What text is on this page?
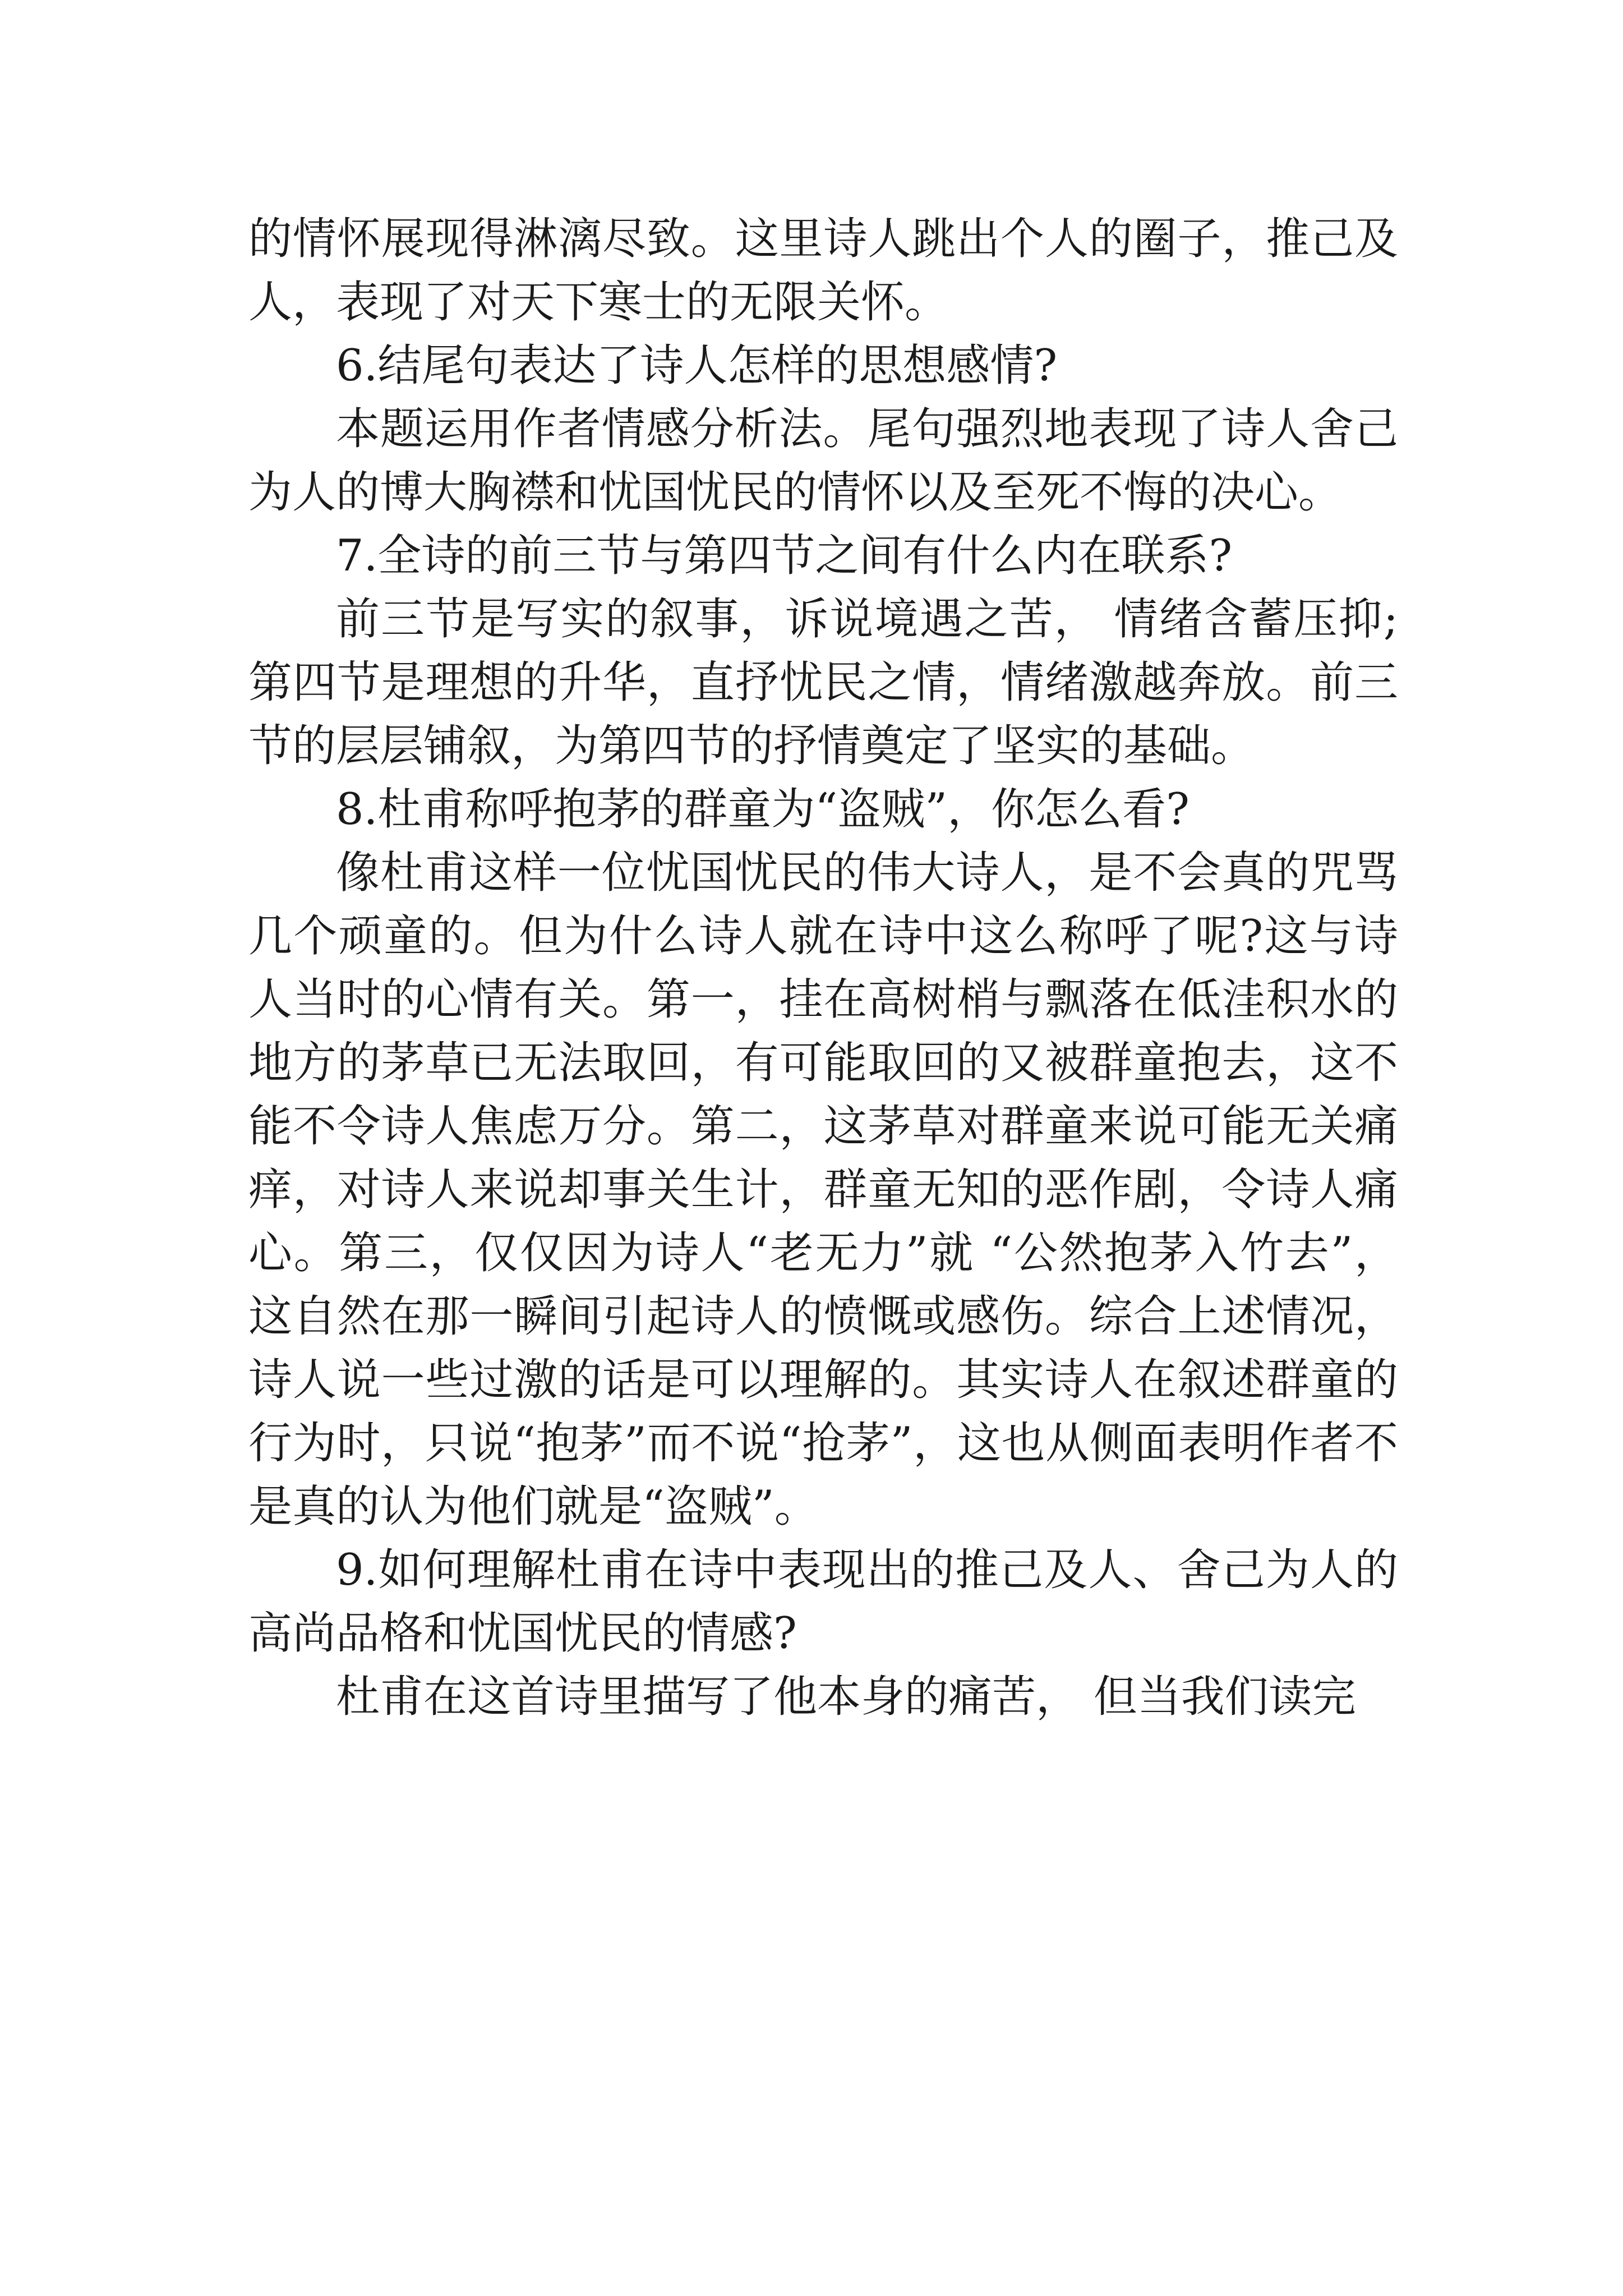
的情怀展现得淋漓尽致。这里诗人跳出个人的圈子，推己及人，表现了对天下寒士的无限关怀。

6.结尾句表达了诗人怎样的思想感情?

本题运用作者情感分析法。尾句强烈地表现了诗人舍己为人的博大胸襟和忧国忧民的情怀以及至死不悔的决心。

7.全诗的前三节与第四节之间有什么内在联系?

前三节是写实的叙事，诉说境遇之苦， 情绪含蓄压抑;第四节是理想的升华，直抒忧民之情，情绪激越奔放。前三节的层层铺叙，为第四节的抒情奠定了坚实的基础。

8.杜甫称呼抱茅的群童为“盗贼”，你怎么看?

像杜甫这样一位忧国忧民的伟大诗人，是不会真的咒骂几个顽童的。但为什么诗人就在诗中这么称呼了呢?这与诗人当时的心情有关。第一，挂在高树梢与飘落在低洼积水的地方的茅草已无法取回，有可能取回的又被群童抱去，这不能不令诗人焦虑万分。第二，这茅草对群童来说可能无关痛痒，对诗人来说却事关生计，群童无知的恶作剧，令诗人痛心。第三，仅仅因为诗人“老无力”就 “公然抱茅入竹去”，这自然在那一瞬间引起诗人的愤慨或感伤。综合上述情况，诗人说一些过激的话是可以理解的。其实诗人在叙述群童的行为时，只说“抱茅”而不说“抢茅”，这也从侧面表明作者不是真的认为他们就是“盗贼”。

9.如何理解杜甫在诗中表现出的推己及人、舍己为人的高尚品格和忧国忧民的情感?

杜甫在这首诗里描写了他本身的痛苦， 但当我们读完
